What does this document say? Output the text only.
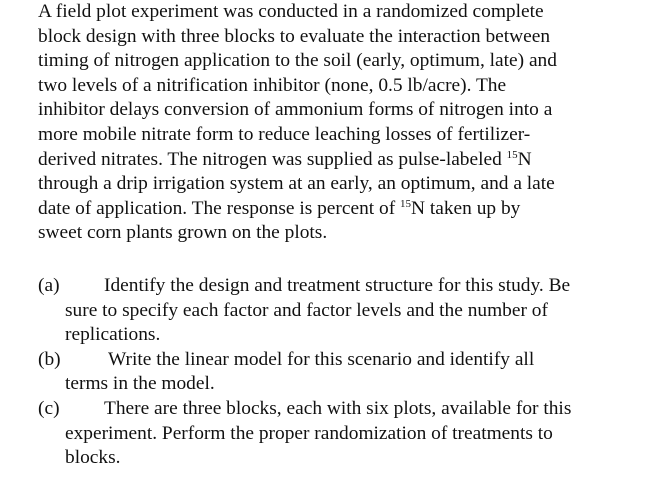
A field plot experiment was conducted in a randomized complete
block design with three blocks to evaluate the interaction between
timing of nitrogen application to the soil (early, optimum, late) and
two levels of a nitrification inhibitor (none, 0.5 lb/acre). The
inhibitor delays conversion of ammonium forms of nitrogen into a
more mobile nitrate form to reduce leaching losses of fertilizer-
derived nitrates. The nitrogen was supplied as pulse-labeled $^{15}$N
through a drip irrigation system at an early, an optimum, and a late
date of application. The response is percent of $^{15}$N taken up by
sweet corn plants grown on the plots.
(a) Identify the design and treatment structure for this study. Be
sure to specify each factor and factor levels and the number of
replications.
(b) Write the linear model for this scenario and identify all
terms in the model.
(c) There are three blocks, each with six plots, available for this
experiment. Perform the proper randomization of treatments to
blocks.
